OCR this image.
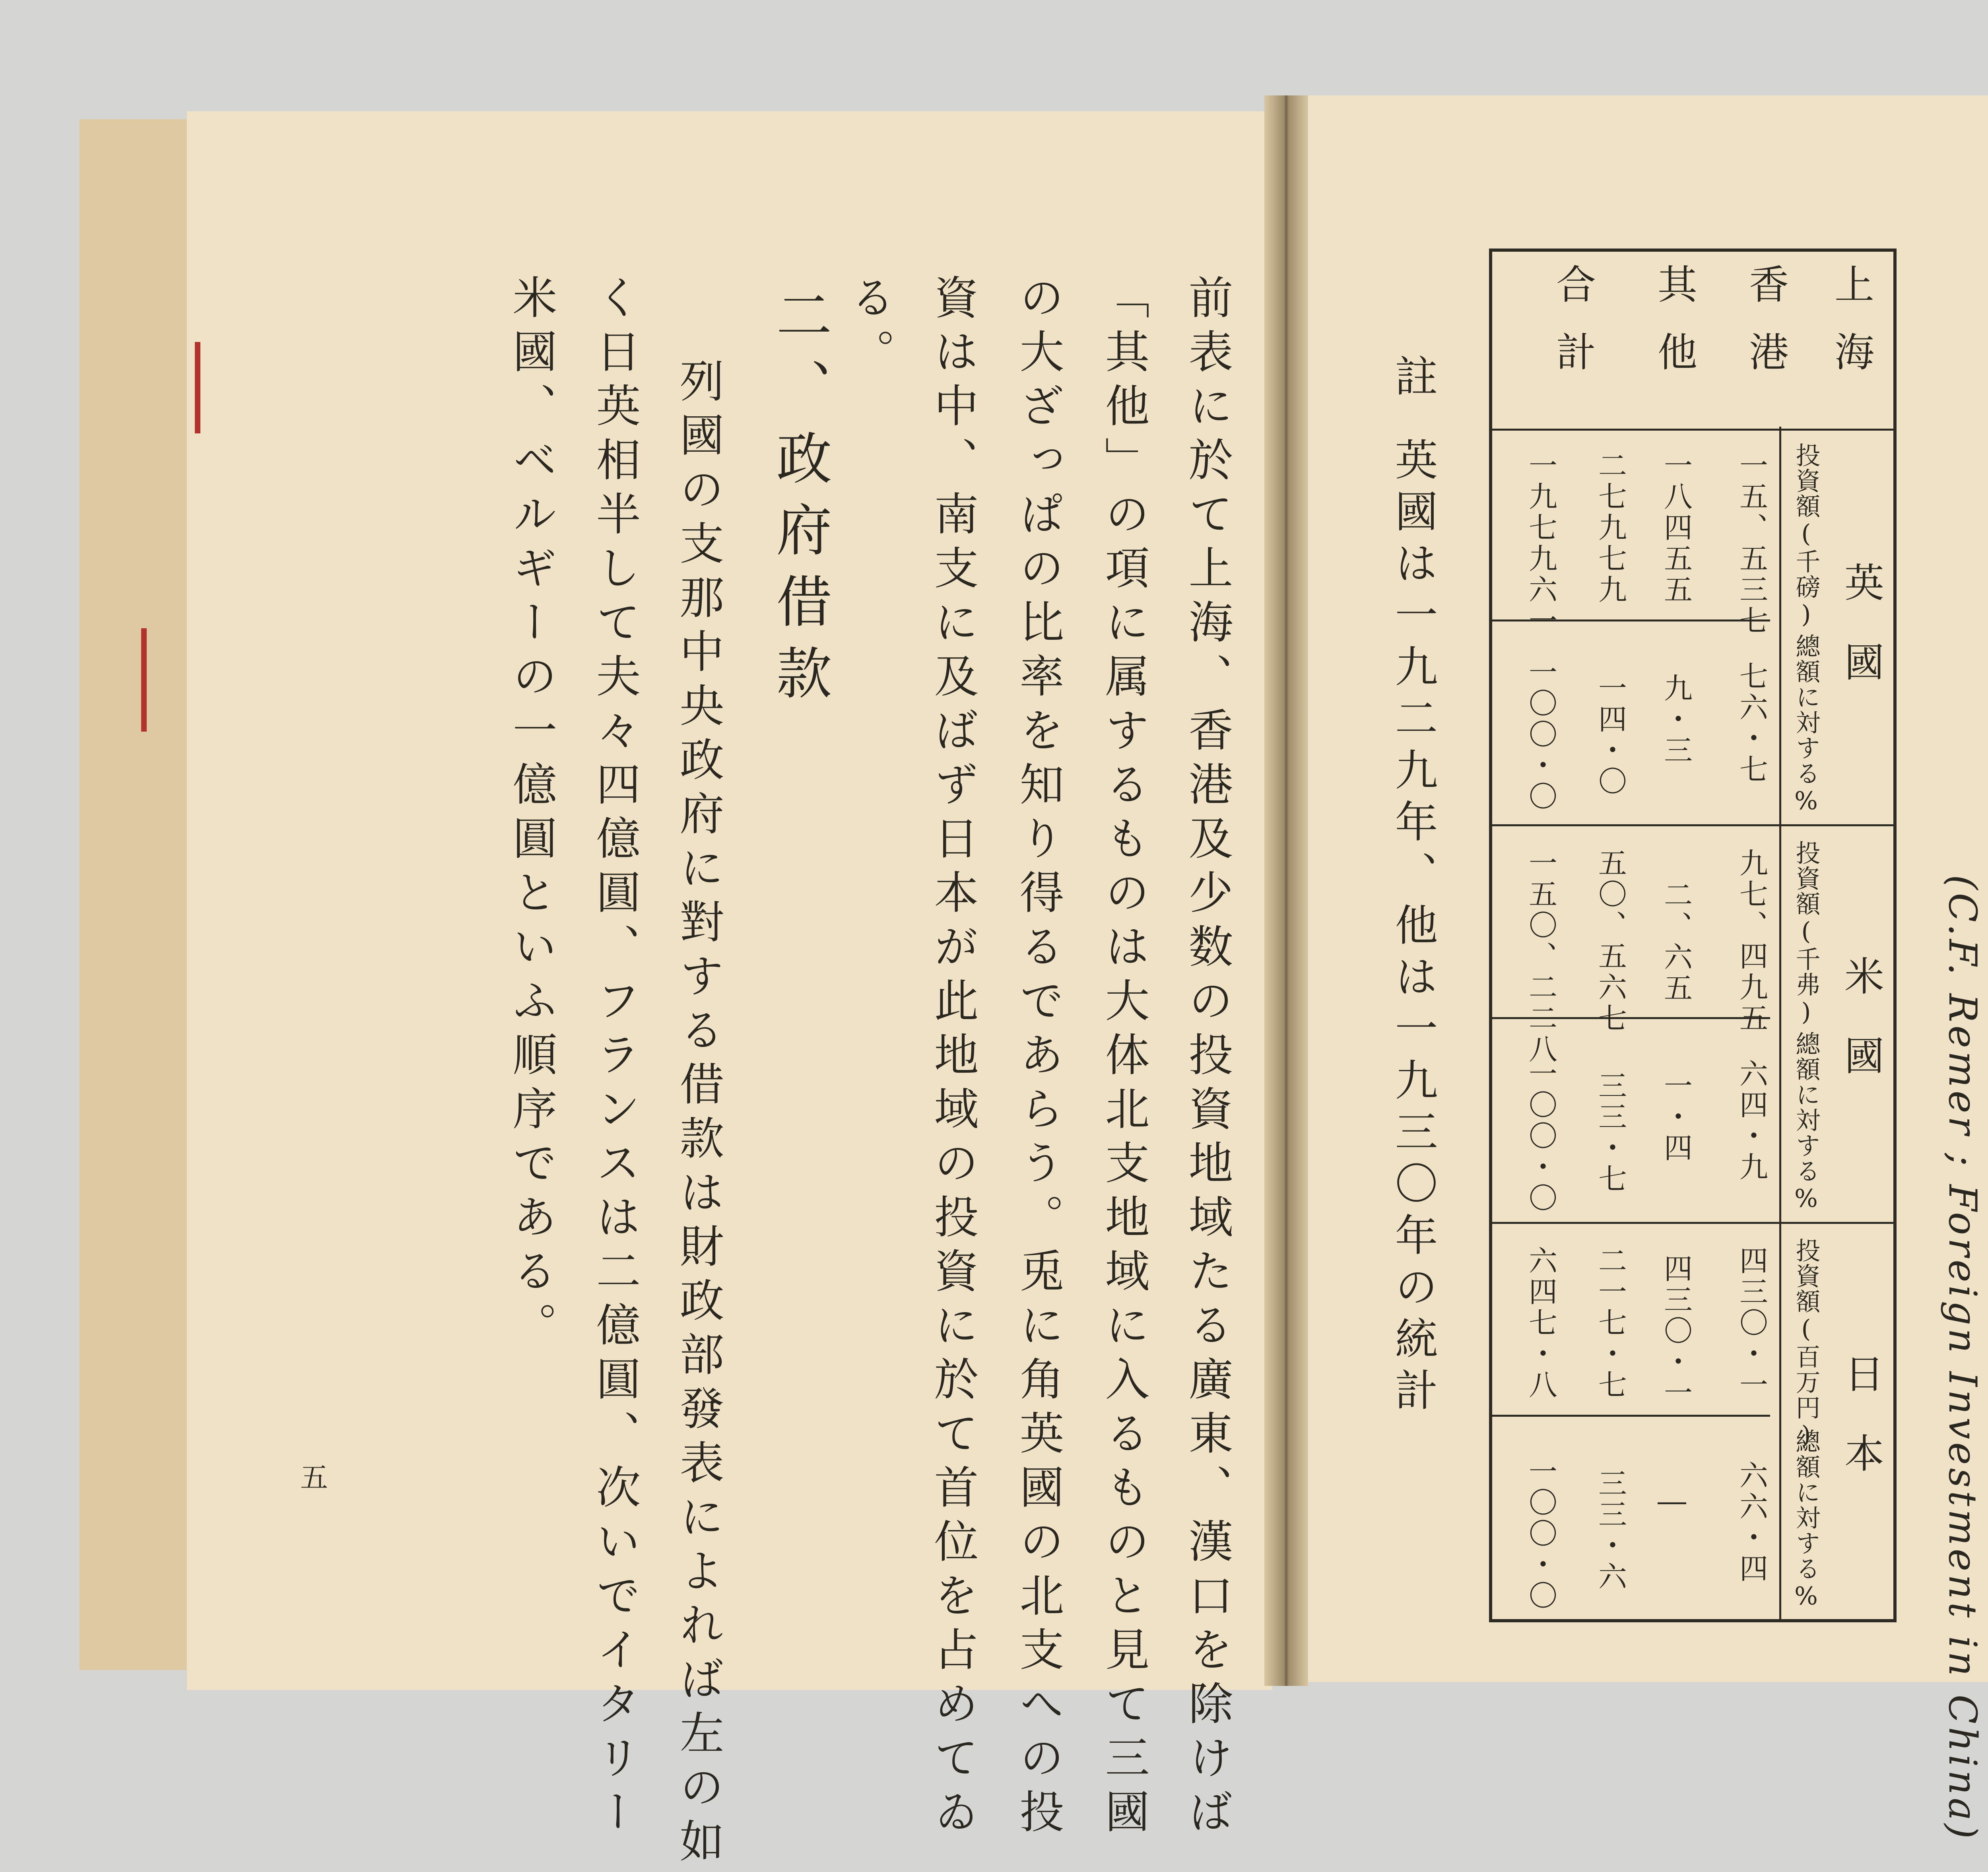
前表に於て上海、香港及少数の投資地域たる廣東、漢口を除けば
「其他」の項に属するものは大体北支地域に入るものと見て三國
の大ざっぱの比率を知り得るであらう。兎に角英國の北支への投
資は中、南支に及ばず日本が此地域の投資に於て首位を占めてゐ
る。
二、政府借款
列國の支那中央政府に對する借款は財政部發表によれば左の如
く日英相半して夫々四億圓、フランスは二億圓、次いでイタリー
米國、ベルギーの一億圓といふ順序である。
五	(C.F. Remer ; Foreign Investment in China)
上海
香港
其他
合計
英　國
米　國
日　本
投資額(千磅)
總額に対する%
投資額(千弗)
總額に対する%
投資額(百万円)
總額に対する%
一五、五三七
七六・七
九七、四九五
六四・九
四三〇・一
六六・四
一八四五五
九・三
二、六五
一・四
四三〇・一
―
二七九七九
一四・〇
五〇、五六七
三三・七
二一七・七
三三・六
一九七九六一
一〇〇・〇
一五〇、二二八
一〇〇・〇
六四七・八
一〇〇・〇
註
英國は一九二九年、他は一九三〇年の統計
